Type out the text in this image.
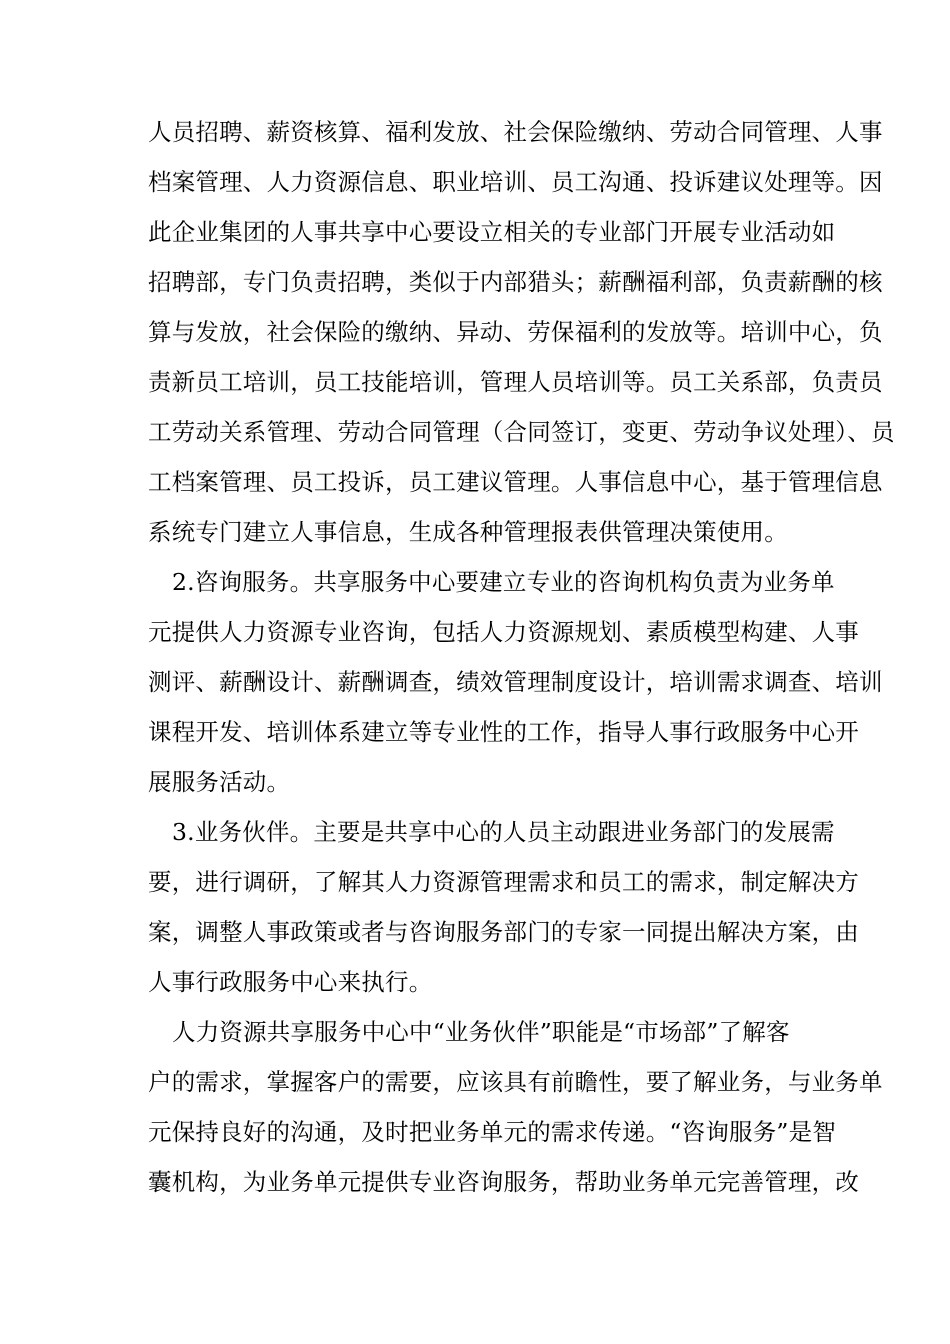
人员招聘、薪资核算、福利发放、社会保险缴纳、劳动合同管理、人事
档案管理、人力资源信息、职业培训、员工沟通、投诉建议处理等。因
此企业集团的人事共享中心要设立相关的专业部门开展专业活动如
招聘部，专门负责招聘，类似于内部猎头；薪酬福利部，负责薪酬的核
算与发放，社会保险的缴纳、异动、劳保福利的发放等。培训中心，负
责新员工培训，员工技能培训，管理人员培训等。员工关系部，负责员
工劳动关系管理、劳动合同管理（合同签订，变更、劳动争议处理）、员
工档案管理、员工投诉，员工建议管理。人事信息中心，基于管理信息
系统专门建立人事信息，生成各种管理报表供管理决策使用。
2.咨询服务。共享服务中心要建立专业的咨询机构负责为业务单
元提供人力资源专业咨询，包括人力资源规划、素质模型构建、人事
测评、薪酬设计、薪酬调查，绩效管理制度设计，培训需求调查、培训
课程开发、培训体系建立等专业性的工作，指导人事行政服务中心开
展服务活动。
3.业务伙伴。主要是共享中心的人员主动跟进业务部门的发展需
要，进行调研，了解其人力资源管理需求和员工的需求，制定解决方
案，调整人事政策或者与咨询服务部门的专家一同提出解决方案，由
人事行政服务中心来执行。
人力资源共享服务中心中“业务伙伴”职能是“市场部”了解客
户的需求，掌握客户的需要，应该具有前瞻性，要了解业务，与业务单
元保持良好的沟通，及时把业务单元的需求传递。“咨询服务”是智
囊机构，为业务单元提供专业咨询服务，帮助业务单元完善管理，改
